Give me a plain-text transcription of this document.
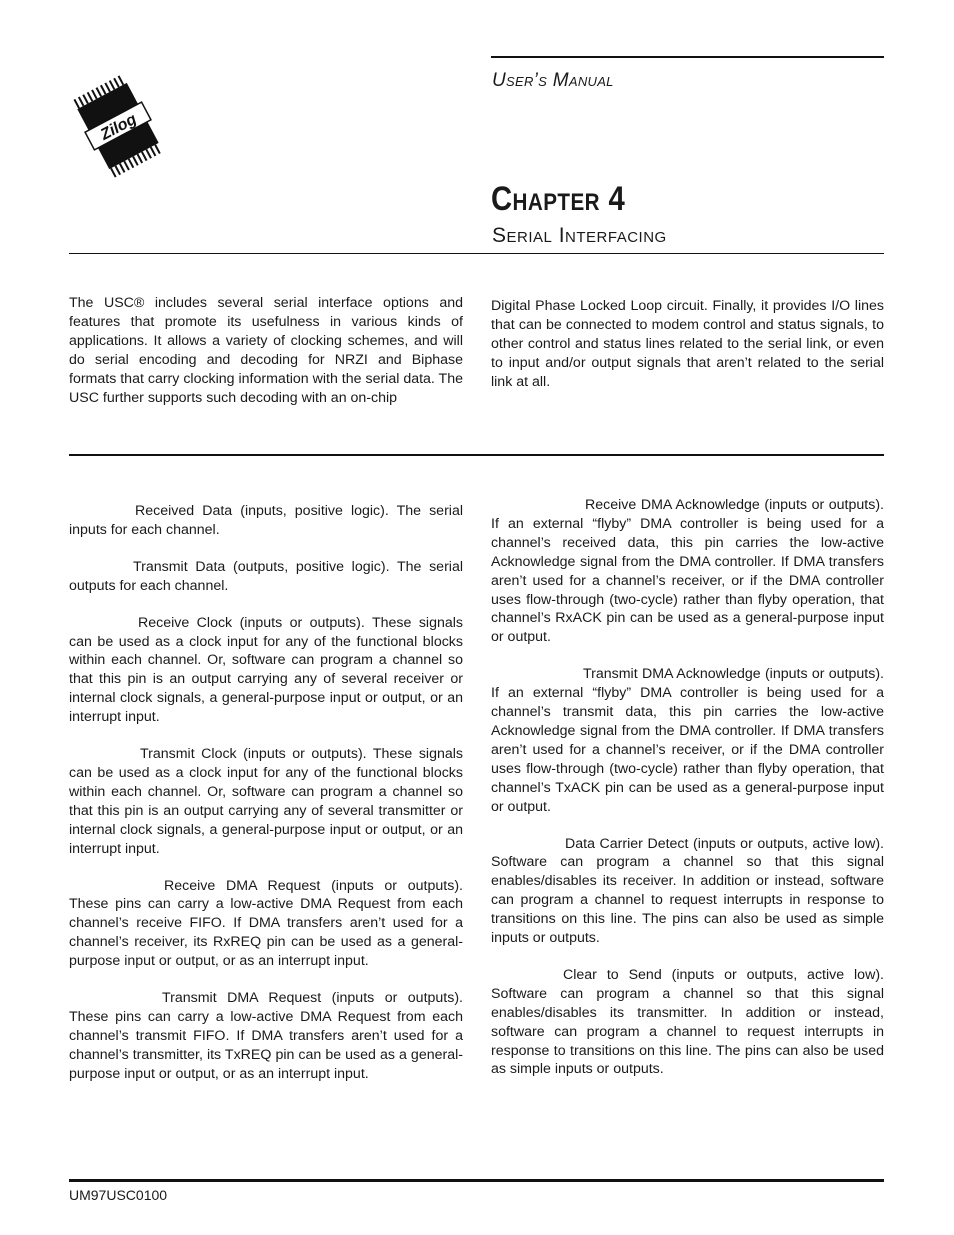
Zilog
User’s Manual
Chapter 4
Serial Interfacing

The USC® includes several serial interface options and features that promote its usefulness in various kinds of applications. It allows a variety of clocking schemes, and will do serial encoding and decoding for NRZI and Biphase formats that carry clocking information with the serial data. The USC further supports such decoding with an on-chip

Digital Phase Locked Loop circuit. Finally, it provides I/O lines that can be connected to modem control and status signals, to other control and status lines related to the serial link, or even to input and/or output signals that aren’t related to the serial link at all.

Received Data (inputs, positive logic). The serial inputs for each channel.

Transmit Data (outputs, positive logic). The serial outputs for each channel.

Receive Clock (inputs or outputs). These signals can be used as a clock input for any of the functional blocks within each channel. Or, software can program a channel so that this pin is an output carrying any of several receiver or internal clock signals, a general-purpose input or output, or an interrupt input.

Transmit Clock (inputs or outputs). These signals can be used as a clock input for any of the functional blocks within each channel. Or, software can program a channel so that this pin is an output carrying any of several transmitter or internal clock signals, a general-purpose input or output, or an interrupt input.

Receive DMA Request (inputs or outputs). These pins can carry a low-active DMA Request from each channel’s receive FIFO. If DMA transfers aren’t used for a channel’s receiver, its RxREQ pin can be used as a general-purpose input or output, or as an interrupt input.

Transmit DMA Request (inputs or outputs). These pins can carry a low-active DMA Request from each channel’s transmit FIFO. If DMA transfers aren’t used for a channel’s transmitter, its TxREQ pin can be used as a general-purpose input or output, or as an interrupt input.

Receive DMA Acknowledge (inputs or outputs). If an external “flyby” DMA controller is being used for a channel’s received data, this pin carries the low-active Acknowledge signal from the DMA controller. If DMA transfers aren’t used for a channel’s receiver, or if the DMA controller uses flow-through (two-cycle) rather than flyby operation, that channel’s RxACK pin can be used as a general-purpose input or output.

Transmit DMA Acknowledge (inputs or outputs). If an external “flyby” DMA controller is being used for a channel’s transmit data, this pin carries the low-active Acknowledge signal from the DMA controller. If DMA transfers aren’t used for a channel’s receiver, or if the DMA controller uses flow-through (two-cycle) rather than flyby operation, that channel’s TxACK pin can be used as a general-purpose input or output.

Data Carrier Detect (inputs or outputs, active low). Software can program a channel so that this signal enables/disables its receiver. In addition or instead, software can program a channel to request interrupts in response to transitions on this line. The pins can also be used as simple inputs or outputs.

Clear to Send (inputs or outputs, active low). Software can program a channel so that this signal enables/disables its transmitter. In addition or instead, software can program a channel to request interrupts in response to transitions on this line. The pins can also be used as simple inputs or outputs.

UM97USC0100
